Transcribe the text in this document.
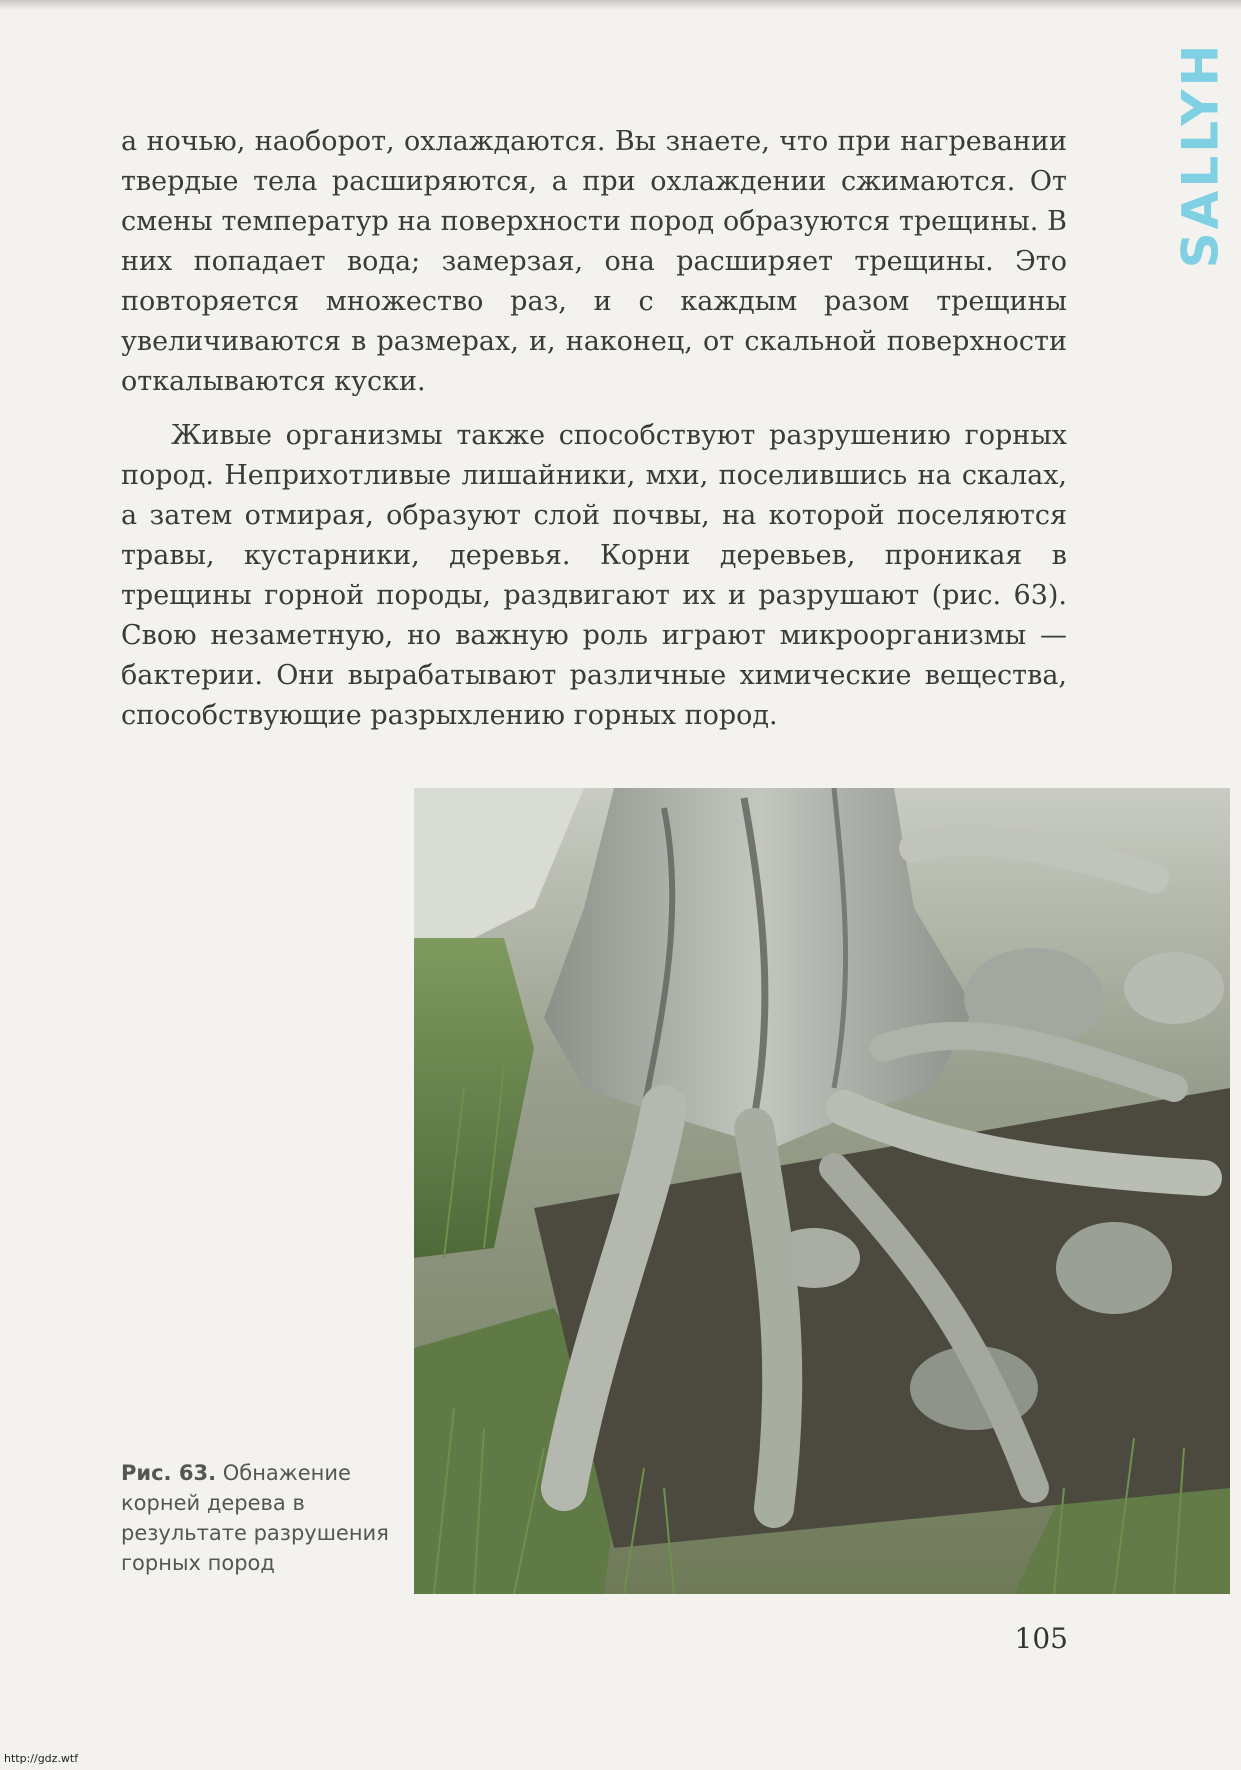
SALLYH

а ночью, наоборот, охлаждаются. Вы знаете, что при нагревании твердые тела расширяются, а при охлаждении сжимаются. От смены температур на поверхности пород образуются трещины. В них попадает вода; замерзая, она расширяет трещины. Это повторяется множество раз, и с каждым разом трещины увеличиваются в размерах, и, наконец, от скальной поверхности откалываются куски.

Живые организмы также способствуют разрушению горных пород. Неприхотливые лишайники, мхи, поселившись на скалах, а затем отмирая, образуют слой почвы, на которой поселяются травы, кустарники, деревья. Корни деревьев, проникая в трещины горной породы, раздвигают их и разрушают (рис. 63). Свою незаметную, но важную роль играют микроорганизмы — бактерии. Они вырабатывают различные химические вещества, способствующие разрыхлению горных пород.

Рис. 63. Обнажение корней дерева в результате разрушения горных пород
105
http://gdz.wtf
